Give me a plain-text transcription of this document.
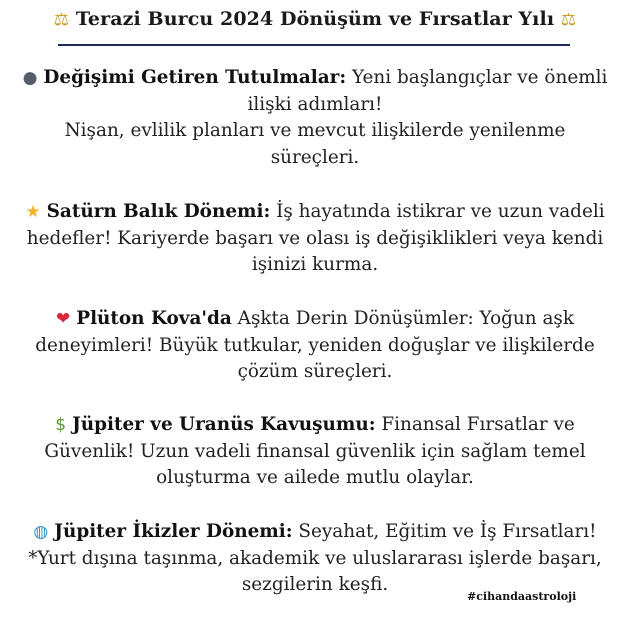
⚖ Terazi Burcu 2024 Dönüşüm ve Fırsatlar Yılı ⚖
● Değişimi Getiren Tutulmalar: Yeni başlangıçlar ve önemli
ilişki adımları!
Nişan, evlilik planları ve mevcut ilişkilerde yenilenme
süreçleri.
★ Satürn Balık Dönemi: İş hayatında istikrar ve uzun vadeli
hedefler! Kariyerde başarı ve olası iş değişiklikleri veya kendi
işinizi kurma.
❤ Plüton Kova'da Aşkta Derin Dönüşümler: Yoğun aşk
deneyimleri! Büyük tutkular, yeniden doğuşlar ve ilişkilerde
çözüm süreçleri.
$ Jüpiter ve Uranüs Kavuşumu: Finansal Fırsatlar ve
Güvenlik! Uzun vadeli finansal güvenlik için sağlam temel
oluşturma ve ailede mutlu olaylar.
◍ Jüpiter İkizler Dönemi: Seyahat, Eğitim ve İş Fırsatları!
*Yurt dışına taşınma, akademik ve uluslararası işlerde başarı,
sezgilerin keşfi.
#cihandaastroloji
